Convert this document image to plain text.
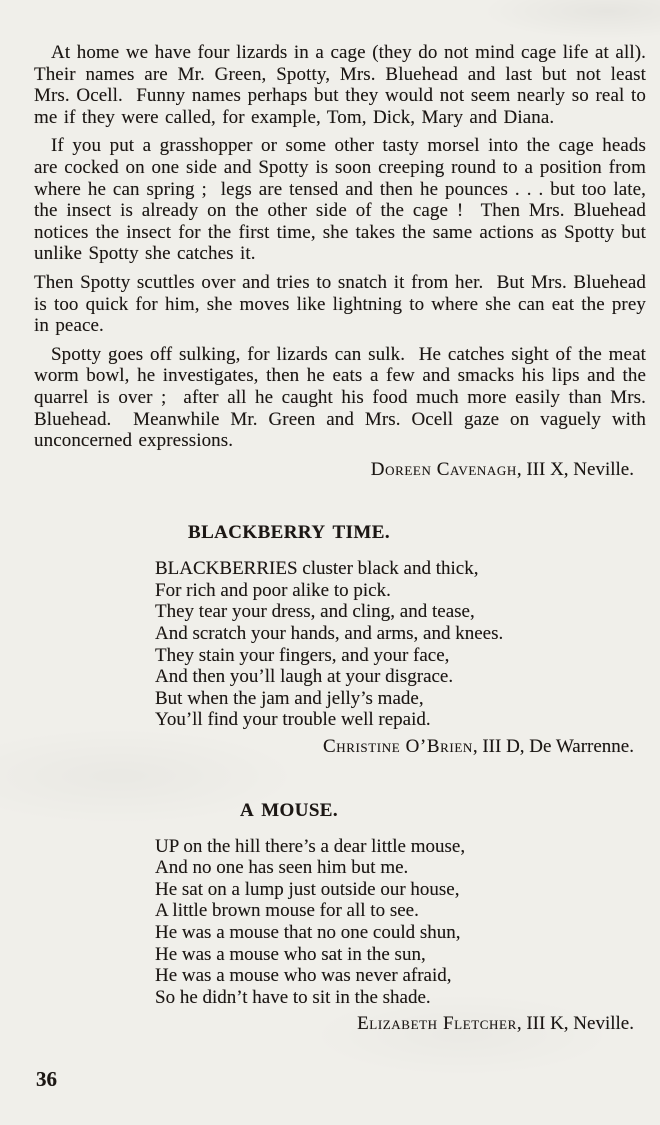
At home we have four lizards in a cage (they do not mind cage life at all).  Their names are Mr. Green, Spotty, Mrs. Bluehead and last but not least Mrs. Ocell.  Funny names perhaps but they would not seem nearly so real to me if they were called, for example, Tom, Dick, Mary and Diana.

If you put a grasshopper or some other tasty morsel into the cage heads are cocked on one side and Spotty is soon creeping round to a position from where he can spring ;  legs are tensed and then he pounces . . . but too late, the insect is already on the other side of the cage !  Then Mrs. Bluehead notices the insect for the first time, she takes the same actions as Spotty but unlike Spotty she catches it.

Then Spotty scuttles over and tries to snatch it from her.  But Mrs. Bluehead is too quick for him, she moves like lightning to where she can eat the prey in peace.

Spotty goes off sulking, for lizards can sulk.  He catches sight of the meat worm bowl, he investigates, then he eats a few and smacks his lips and the quarrel is over ;  after all he caught his food much more easily than Mrs. Bluehead.  Meanwhile Mr. Green and Mrs. Ocell gaze on vaguely with unconcerned expressions.

Doreen Cavenagh, III X, Neville.

BLACKBERRY TIME.
BLACKBERRIES cluster black and thick,
For rich and poor alike to pick.
They tear your dress, and cling, and tease,
And scratch your hands, and arms, and knees.
They stain your fingers, and your face,
And then you’ll laugh at your disgrace.
But when the jam and jelly’s made,
You’ll find your trouble well repaid.

Christine O’Brien, III D, De Warrenne.

A MOUSE.
UP on the hill there’s a dear little mouse,
And no one has seen him but me.
He sat on a lump just outside our house,
A little brown mouse for all to see.
He was a mouse that no one could shun,
He was a mouse who sat in the sun,
He was a mouse who was never afraid,
So he didn’t have to sit in the shade.

Elizabeth Fletcher, III K, Neville.

36
